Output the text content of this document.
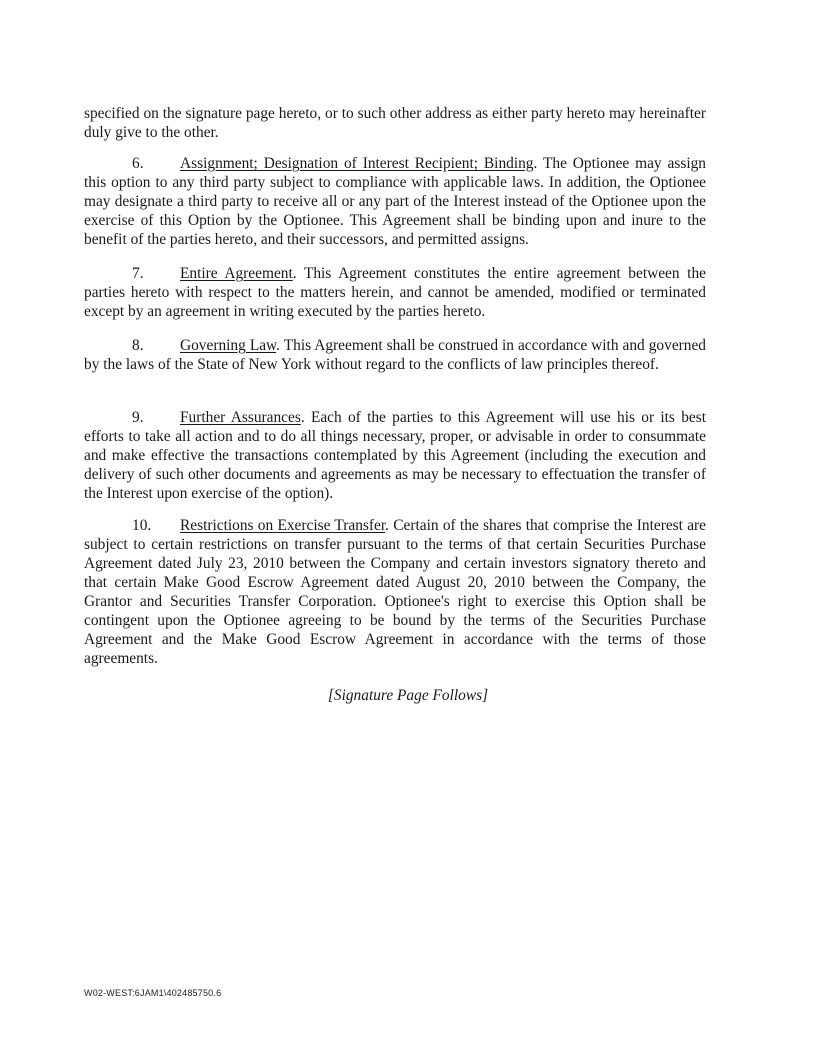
specified on the signature page hereto, or to such other address as either party hereto may hereinafter duly give to the other.

6. Assignment; Designation of Interest Recipient; Binding. The Optionee may assign this option to any third party subject to compliance with applicable laws. In addition, the Optionee may designate a third party to receive all or any part of the Interest instead of the Optionee upon the exercise of this Option by the Optionee. This Agreement shall be binding upon and inure to the benefit of the parties hereto, and their successors, and permitted assigns.

7. Entire Agreement. This Agreement constitutes the entire agreement between the parties hereto with respect to the matters herein, and cannot be amended, modified or terminated except by an agreement in writing executed by the parties hereto.

8. Governing Law. This Agreement shall be construed in accordance with and governed by the laws of the State of New York without regard to the conflicts of law principles thereof.

9. Further Assurances. Each of the parties to this Agreement will use his or its best efforts to take all action and to do all things necessary, proper, or advisable in order to consummate and make effective the transactions contemplated by this Agreement (including the execution and delivery of such other documents and agreements as may be necessary to effectuation the transfer of the Interest upon exercise of the option).

10. Restrictions on Exercise Transfer. Certain of the shares that comprise the Interest are subject to certain restrictions on transfer pursuant to the terms of that certain Securities Purchase Agreement dated July 23, 2010 between the Company and certain investors signatory thereto and that certain Make Good Escrow Agreement dated August 20, 2010 between the Company, the Grantor and Securities Transfer Corporation. Optionee's right to exercise this Option shall be contingent upon the Optionee agreeing to be bound by the terms of the Securities Purchase Agreement and the Make Good Escrow Agreement in accordance with the terms of those agreements.

[Signature Page Follows]
W02-WEST:6JAM1\402485750.6
